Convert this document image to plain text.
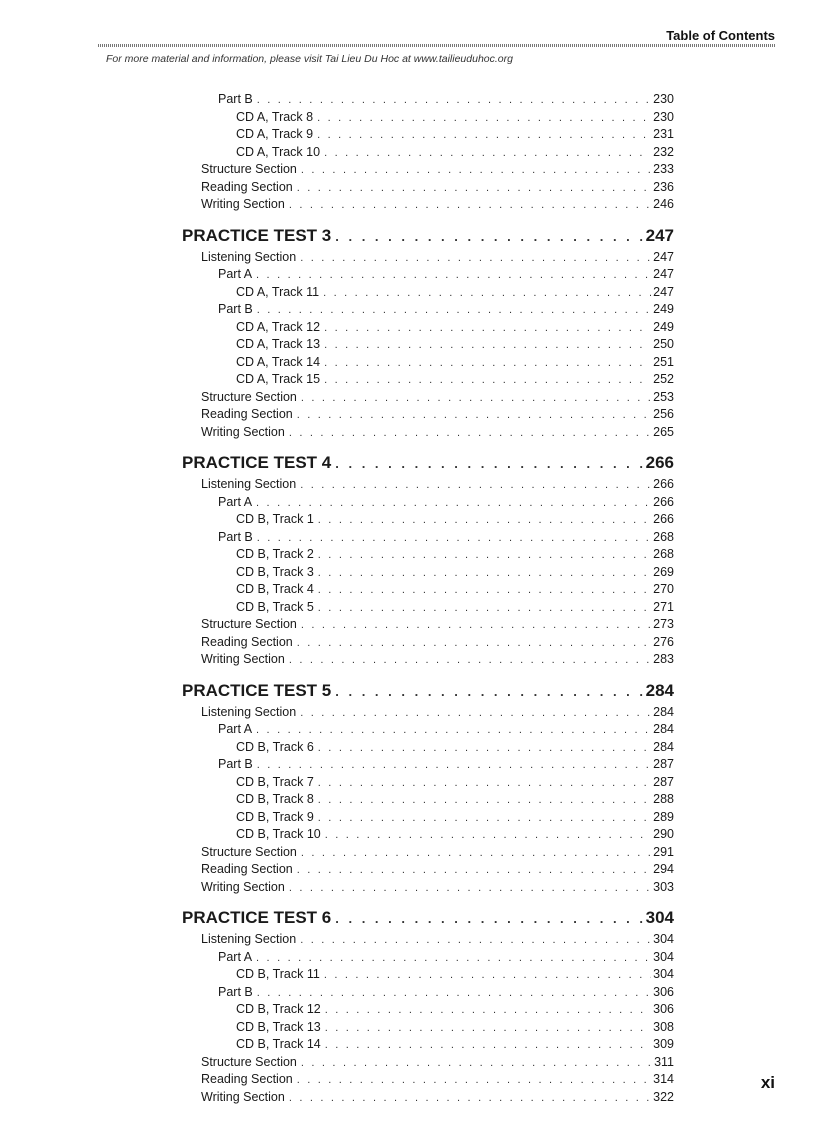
Table of Contents
For more material and information, please visit Tai Lieu Du Hoc at www.tailieuduhoc.org
Part B . . .	230
CD A, Track 8 . . .	230
CD A, Track 9 . . .	231
CD A, Track 10 . . .	232
Structure Section . . .	233
Reading Section . . .	236
Writing Section . . .	246
PRACTICE TEST 3 . . .	247
Listening Section . . .	247
Part A . . .	247
CD A, Track 11 . . .	247
Part B . . .	249
CD A, Track 12 . . .	249
CD A, Track 13 . . .	250
CD A, Track 14 . . .	251
CD A, Track 15 . . .	252
Structure Section . . .	253
Reading Section . . .	256
Writing Section . . .	265
PRACTICE TEST 4 . . .	266
Listening Section . . .	266
Part A . . .	266
CD B, Track 1 . . .	266
Part B . . .	268
CD B, Track 2 . . .	268
CD B, Track 3 . . .	269
CD B, Track 4 . . .	270
CD B, Track 5 . . .	271
Structure Section . . .	273
Reading Section . . .	276
Writing Section . . .	283
PRACTICE TEST 5 . . .	284
Listening Section . . .	284
Part A . . .	284
CD B, Track 6 . . .	284
Part B . . .	287
CD B, Track 7 . . .	287
CD B, Track 8 . . .	288
CD B, Track 9 . . .	289
CD B, Track 10 . . .	290
Structure Section . . .	291
Reading Section . . .	294
Writing Section . . .	303
PRACTICE TEST 6 . . .	304
Listening Section . . .	304
Part A . . .	304
CD B, Track 11 . . .	304
Part B . . .	306
CD B, Track 12 . . .	306
CD B, Track 13 . . .	308
CD B, Track 14 . . .	309
Structure Section . . .	311
Reading Section . . .	314
Writing Section . . .	322
xi
